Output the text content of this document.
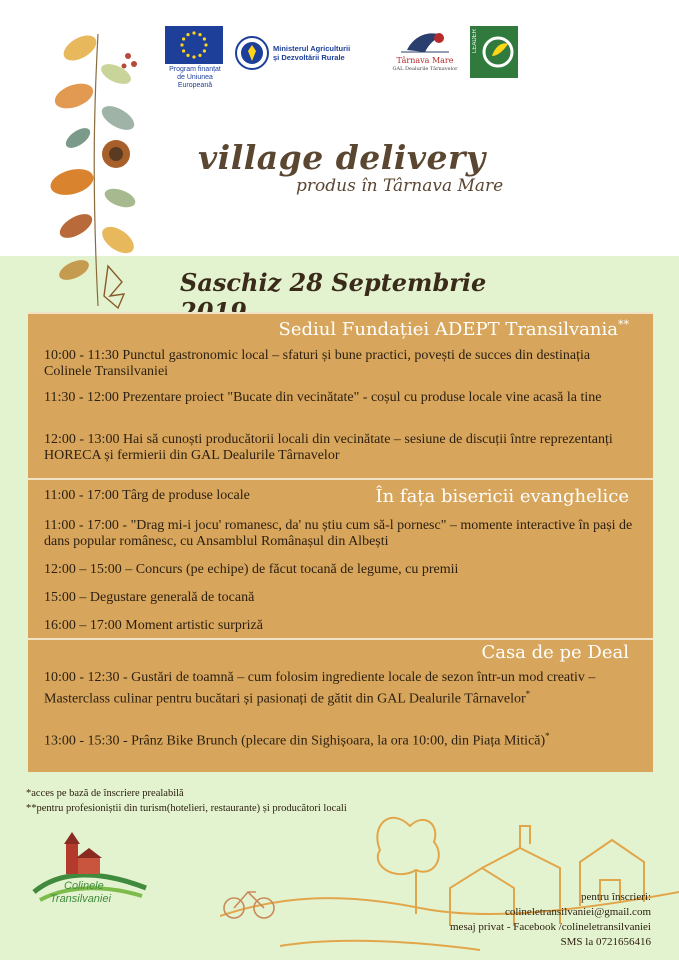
Program finanțat de Uniunea Europeană
Ministerul Agriculturii
și Dezvoltării Rurale	Târnava Mare
GAL Dealurile Târnavelor
LEADER
village delivery
produs în Târnava Mare
Saschiz 28 Septembrie
Sediul Fundației ADEPT Transilvania**
10:00 - 11:30 Punctul gastronomic local – sfaturi și bune practici, povești de succes din destinația Colinele Transilvaniei
11:30 - 12:00 Prezentare proiect "Bucate din vecinătate" - coșul cu produse locale vine acasă la tine
12:00 - 13:00 Hai să cunoști producătorii locali din vecinătate – sesiune de discuții între reprezentanți HORECA și fermierii din GAL Dealurile Târnavelor
În fața bisericii evanghelice
11:00 - 17:00 Târg de produse locale
11:00 - 17:00 - "Drag mi-i jocu' romanesc, da' nu știu cum să-l pornesc" – momente interactive în pași de dans popular românesc, cu Ansamblul Românașul din Albești
12:00 – 15:00 – Concurs (pe echipe) de făcut tocană de legume, cu premii
15:00 – Degustare generală de tocană
16:00 – 17:00 Moment artistic surpriză
Casa de pe Deal
10:00 - 12:30 - Gustări de toamnă – cum folosim ingrediente locale de sezon într-un mod creativ – Masterclass culinar pentru bucătari și pasionați de gătit din GAL Dealurile Târnavelor*
13:00 - 15:30 - Prânz Bike Brunch (plecare din Sighișoara, la ora 10:00, din Piața Mitică)*
*acces pe bază de înscriere prealabilă
**pentru profesioniștii din turism(hotelieri, restaurante) și producători locali
Colinele
Transilvaniei	pentru înscrieri:
colineletransilvaniei@gmail.com
mesaj privat - Facebook /colineletransilvaniei
SMS la 0721656416
